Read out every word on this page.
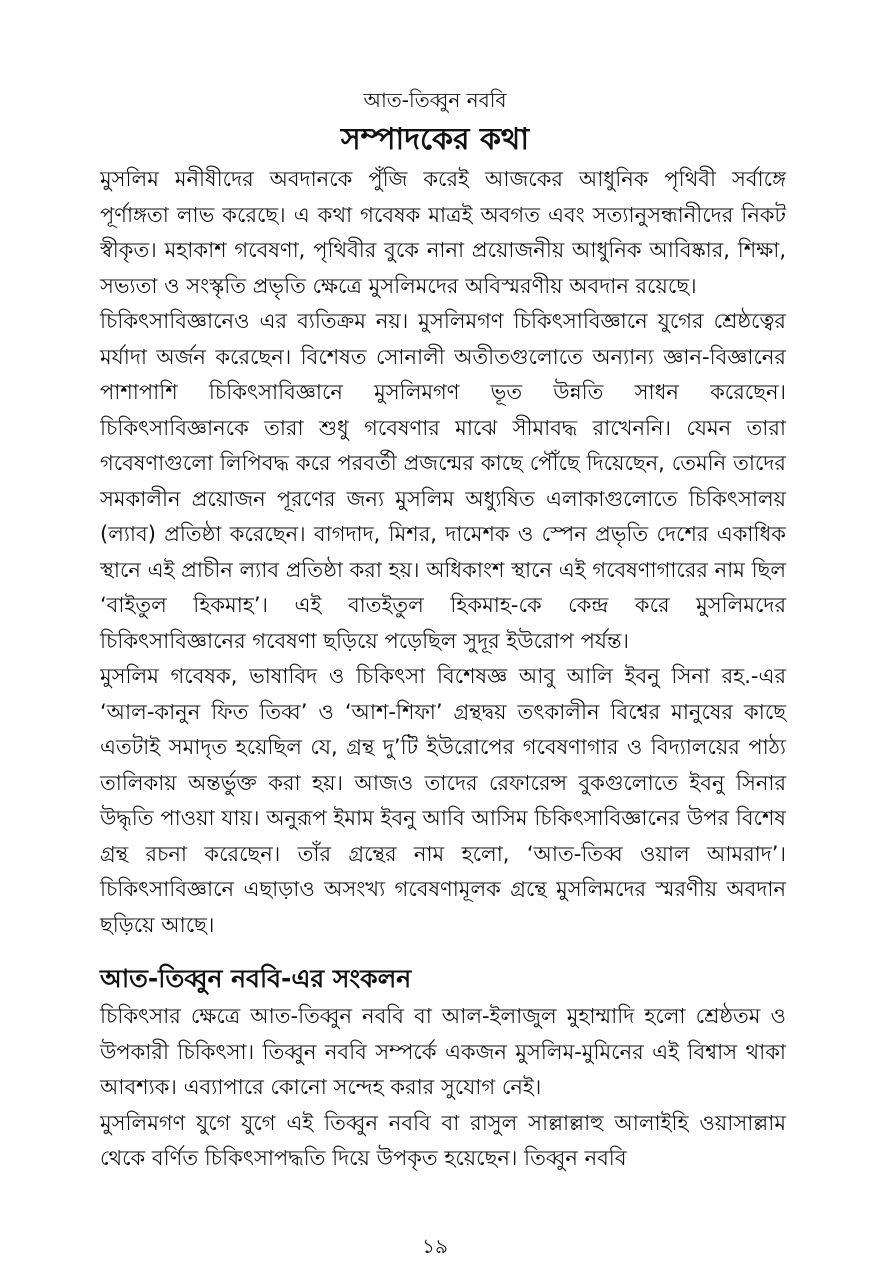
আত-তিব্বুন নববি
সম্পাদকের কথা

মুসলিম মনীষীদের অবদানকে পুঁজি করেই আজকের আধুনিক পৃথিবী সর্বাঙ্গে পূর্ণাঙ্গতা লাভ করেছে। এ কথা গবেষক মাত্রই অবগত এবং সত্যানুসন্ধানীদের নিকট স্বীকৃত। মহাকাশ গবেষণা, পৃথিবীর বুকে নানা প্রয়োজনীয় আধুনিক আবিষ্কার, শিক্ষা, সভ্যতা ও সংস্কৃতি প্রভৃতি ক্ষেত্রে মুসলিমদের অবিস্মরণীয় অবদান রয়েছে।

চিকিৎসাবিজ্ঞানেও এর ব্যতিক্রম নয়। মুসলিমগণ চিকিৎসাবিজ্ঞানে যুগের শ্রেষ্ঠত্বের মর্যাদা অর্জন করেছেন। বিশেষত সোনালী অতীতগুলোতে অন্যান্য জ্ঞান-বিজ্ঞানের পাশাপাশি চিকিৎসাবিজ্ঞানে মুসলিমগণ ভূত উন্নতি সাধন করেছেন। চিকিৎসাবিজ্ঞানকে তারা শুধু গবেষণার মাঝে সীমাবদ্ধ রাখেননি। যেমন তারা গবেষণাগুলো লিপিবদ্ধ করে পরবর্তী প্রজন্মের কাছে পৌঁছে দিয়েছেন, তেমনি তাদের সমকালীন প্রয়োজন পূরণের জন্য মুসলিম অধ্যুষিত এলাকাগুলোতে চিকিৎসালয় (ল্যাব) প্রতিষ্ঠা করেছেন। বাগদাদ, মিশর, দামেশক ও স্পেন প্রভৃতি দেশের একাধিক স্থানে এই প্রাচীন ল্যাব প্রতিষ্ঠা করা হয়। অধিকাংশ স্থানে এই গবেষণাগারের নাম ছিল ‘বাইতুল হিকমাহ’। এই বাতইতুল হিকমাহ-কে কেন্দ্র করে মুসলিমদের চিকিৎসাবিজ্ঞানের গবেষণা ছড়িয়ে পড়েছিল সুদূর ইউরোপ পর্যন্ত।

মুসলিম গবেষক, ভাষাবিদ ও চিকিৎসা বিশেষজ্ঞ আবু আলি ইবনু সিনা রহ.-এর ‘আল-কানুন ফিত তিব্ব’ ও ‘আশ-শিফা’ গ্রন্থদ্বয় তৎকালীন বিশ্বের মানুষের কাছে এতটাই সমাদৃত হয়েছিল যে, গ্রন্থ দু’টি ইউরোপের গবেষণাগার ও বিদ্যালয়ের পাঠ্য তালিকায় অন্তর্ভুক্ত করা হয়। আজও তাদের রেফারেন্স বুকগুলোতে ইবনু সিনার উদ্ধৃতি পাওয়া যায়। অনুরূপ ইমাম ইবনু আবি আসিম চিকিৎসাবিজ্ঞানের উপর বিশেষ গ্রন্থ রচনা করেছেন। তাঁর গ্রন্থের নাম হলো, ‘আত-তিব্ব ওয়াল আমরাদ’। চিকিৎসাবিজ্ঞানে এছাড়াও অসংখ্য গবেষণামূলক গ্রন্থে মুসলিমদের স্মরণীয় অবদান ছড়িয়ে আছে।

আত-তিব্বুন নববি-এর সংকলন

চিকিৎসার ক্ষেত্রে আত-তিব্বুন নববি বা আল-ইলাজুল মুহাম্মাদি হলো শ্রেষ্ঠতম ও উপকারী চিকিৎসা। তিব্বুন নববি সম্পর্কে একজন মুসলিম-মুমিনের এই বিশ্বাস থাকা আবশ্যক। এব্যাপারে কোনো সন্দেহ করার সুযোগ নেই।

মুসলিমগণ যুগে যুগে এই তিব্বুন নববি বা রাসুল সাল্লাল্লাহু আলাইহি ওয়াসাল্লাম থেকে বর্ণিত চিকিৎসাপদ্ধতি দিয়ে উপকৃত হয়েছেন। তিব্বুন নববি

১৯
